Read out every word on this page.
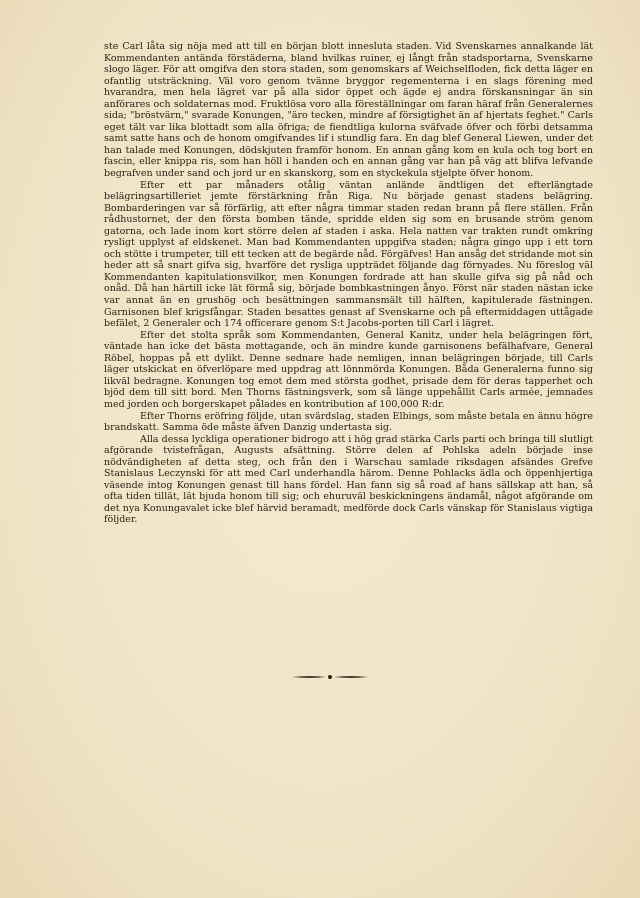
ste Carl låta sig nöja med att till en början blott innesluta staden. Vid Svenskarnes annalkande lät Kommendanten antända förstäderna, bland hvilkas ruiner, ej långt från stadsportarna, Svenskarne slogo läger. För att omgifva den stora staden, som genomskars af Weichselfloden, fick detta läger en ofantlig utsträckning. Väl voro genom tvänne bryggor regementerna i en slags förening med hvarandra, men hela lägret var på alla sidor öppet och ägde ej andra förskansningar än sin anförares och soldaternas mod. Fruktlösa voro alla föreställningar om faran häraf från Generalernes sida; "bröstvärn," svarade Konungen, "äro tecken, mindre af försigtighet än af hjertats feghet." Carls eget tält var lika blottadt som alla öfriga; de fiendtliga kulorna sväfvade öfver och förbi detsamma samt satte hans och de honom omgifvandes lif i stundlig fara. En dag blef General Liewen, under det han talade med Konungen, dödskjuten framför honom. En annan gång kom en kula och tog bort en fascin, eller knippa ris, som han höll i handen och en annan gång var han på väg att blifva lefvande begrafven under sand och jord ur en skanskorg, som en styckekula stjelpte öfver honom.

Efter ett par månaders otålig väntan anlände ändtligen det efterlängtade belägringsartilleriet jemte förstärkning från Riga. Nu började genast stadens belägring. Bombarderingen var så förfärlig, att efter några timmar staden redan brann på flere ställen. Från rådhustornet, der den första bomben tände, spridde elden sig som en brusande ström genom gatorna, och lade inom kort större delen af staden i aska. Hela natten var trakten rundt omkring rysligt upplyst af eldskenet. Man bad Kommendanten uppgifva staden; några gingo upp i ett torn och stötte i trumpeter, till ett tecken att de begärde nåd. Förgäfves! Han ansåg det stridande mot sin heder att så snart gifva sig, hvarföre det rysliga uppträdet följande dag förnyades. Nu föreslog väl Kommendanten kapitulationsvilkor, men Konungen fordrade att han skulle gifva sig på nåd och onåd. Då han härtill icke lät förmå sig, började bombkastningen ånyo. Först när staden nästan icke var annat än en grushög och besättningen sammansmält till hälften, kapitulerade fästningen. Garnisonen blef krigsfångar. Staden besattes genast af Svenskarne och på eftermiddagen uttågade befälet, 2 Generaler och 174 officerare genom S:t Jacobs-porten till Carl i lägret.

Efter det stolta språk som Kommendanten, General Kanitz, under hela belägringen fört, väntade han icke det bästa mottagande, och än mindre kunde garnisonens befälhafvare, General Röbel, hoppas på ett dylikt. Denne sednare hade nemligen, innan belägringen började, till Carls läger utskickat en öfverlöpare med uppdrag att lönnmörda Konungen. Båda Generalerna funno sig likväl bedragne. Konungen tog emot dem med största godhet, prisade dem för deras tapperhet och bjöd dem till sitt bord. Men Thorns fästningsverk, som så länge uppehållit Carls armée, jemnades med jorden och borgerskapet pålades en kontribution af 100,000 R:dr.

Efter Thorns eröfring följde, utan svärdslag, staden Elbings, som måste betala en ännu högre brandskatt. Samma öde måste äfven Danzig undertasta sig.

Alla dessa lyckliga operationer bidrogo att i hög grad stärka Carls parti och bringa till slutligt afgörande tvistefrågan, Augusts afsättning. Större delen af Pohlska adeln började inse nödvändigheten af detta steg, och från den i Warschau samlade riksdagen afsändes Grefve Stanislaus Leczynski för att med Carl underhandla härom. Denne Pohlacks ädla och öppenhjertiga väsende intog Konungen genast till hans fördel. Han fann sig så road af hans sällskap att han, så ofta tiden tillät, lät bjuda honom till sig; och ehuruväl beskickningens ändamål, något afgörande om det nya Konungavalet icke blef härvid beramadt, medförde dock Carls vänskap för Stanislaus vigtiga följder.
